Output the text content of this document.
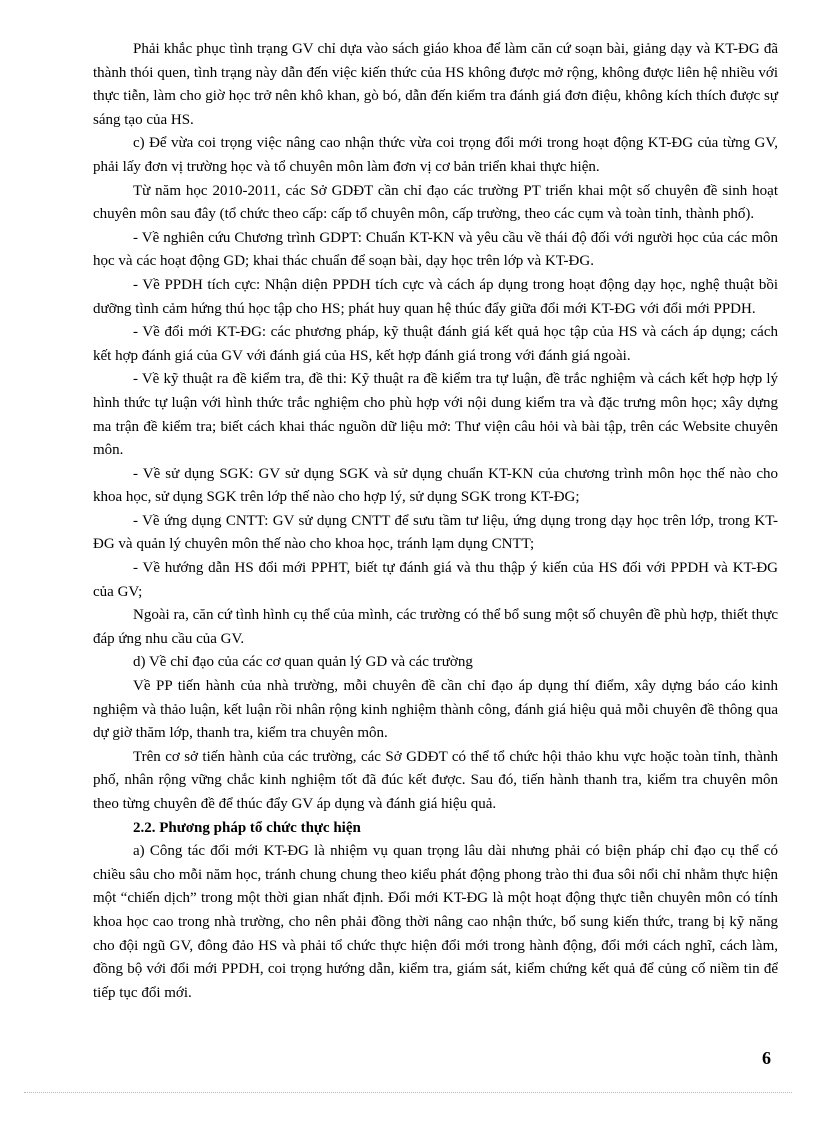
Phải khắc phục tình trạng GV chỉ dựa vào sách giáo khoa để làm căn cứ soạn bài, giảng dạy và KT-ĐG đã thành thói quen, tình trạng này dẫn đến việc kiến thức của HS không được mở rộng, không được liên hệ nhiều với thực tiễn, làm cho giờ học trở nên khô khan, gò bó, dẫn đến kiểm tra đánh giá đơn điệu, không kích thích được sự sáng tạo của HS.

c) Để vừa coi trọng việc nâng cao nhận thức vừa coi trọng đổi mới trong hoạt động KT-ĐG của từng GV, phải lấy đơn vị trường học và tổ chuyên môn làm đơn vị cơ bản triển khai thực hiện.

Từ năm học 2010-2011, các Sở GDĐT cần chỉ đạo các trường PT triển khai một số chuyên đề sinh hoạt chuyên môn sau đây (tổ chức theo cấp: cấp tổ chuyên môn, cấp trường, theo các cụm và toàn tỉnh, thành phố).

- Về nghiên cứu Chương trình GDPT: Chuẩn KT-KN và yêu cầu về thái độ đối với người học của các môn học và các hoạt động GD; khai thác chuẩn để soạn bài, dạy học trên lớp và KT-ĐG.

- Về PPDH tích cực: Nhận diện PPDH tích cực và cách áp dụng trong hoạt động dạy học, nghệ thuật bồi dưỡng tình cảm hứng thú học tập cho HS; phát huy quan hệ thúc đẩy giữa đổi mới KT-ĐG với đổi mới PPDH.

- Về đổi mới KT-ĐG: các phương pháp, kỹ thuật đánh giá kết quả học tập của HS và cách áp dụng; cách kết hợp đánh giá của GV với đánh giá của HS, kết hợp đánh giá trong với đánh giá ngoài.

- Về kỹ thuật ra đề kiểm tra, đề thi: Kỹ thuật ra đề kiểm tra tự luận, đề trắc nghiệm và cách kết hợp hợp lý hình thức tự luận với hình thức trắc nghiệm cho phù hợp với nội dung kiểm tra và đặc trưng môn học; xây dựng ma trận đề kiểm tra; biết cách khai thác nguồn dữ liệu mở: Thư viện câu hỏi và bài tập, trên các Website chuyên môn.

- Về sử dụng SGK: GV sử dụng SGK và sử dụng chuẩn KT-KN của chương trình môn học thế nào cho khoa học, sử dụng SGK trên lớp thế nào cho hợp lý, sử dụng SGK trong KT-ĐG;

- Về ứng dụng CNTT: GV sử dụng CNTT để sưu tầm tư liệu, ứng dụng trong dạy học trên lớp, trong KT-ĐG và quản lý chuyên môn thế nào cho khoa học, tránh lạm dụng CNTT;

- Về hướng dẫn HS đổi mới PPHT, biết tự đánh giá và thu thập ý kiến của HS đối với PPDH và KT-ĐG của GV;

Ngoài ra, căn cứ tình hình cụ thể của mình, các trường có thể bổ sung một số chuyên đề phù hợp, thiết thực đáp ứng nhu cầu của GV.

d) Về chỉ đạo của các cơ quan quản lý GD và các trường

Về PP tiến hành của nhà trường, mỗi chuyên đề cần chỉ đạo áp dụng thí điểm, xây dựng báo cáo kinh nghiệm và thảo luận, kết luận rồi nhân rộng kinh nghiệm thành công, đánh giá hiệu quả mỗi chuyên đề thông qua dự giờ thăm lớp, thanh tra, kiểm tra chuyên môn.

Trên cơ sở tiến hành của các trường, các Sở GDĐT có thể tổ chức hội thảo khu vực hoặc toàn tỉnh, thành phố, nhân rộng vững chắc kinh nghiệm tốt đã đúc kết được. Sau đó, tiến hành thanh tra, kiểm tra chuyên môn theo từng chuyên đề để thúc đẩy GV áp dụng và đánh giá hiệu quả.

2.2. Phương pháp tổ chức thực hiện

a) Công tác đổi mới KT-ĐG là nhiệm vụ quan trọng lâu dài nhưng phải có biện pháp chỉ đạo cụ thể có chiều sâu cho mỗi năm học, tránh chung chung theo kiểu phát động phong trào thi đua sôi nổi chỉ nhằm thực hiện một “chiến dịch” trong một thời gian nhất định. Đổi mới KT-ĐG là một hoạt động thực tiễn chuyên môn có tính khoa học cao trong nhà trường, cho nên phải đồng thời nâng cao nhận thức, bổ sung kiến thức, trang bị kỹ năng cho đội ngũ GV, đông đảo HS và phải tổ chức thực hiện đổi mới trong hành động, đổi mới cách nghĩ, cách làm, đồng bộ với đổi mới PPDH, coi trọng hướng dẫn, kiểm tra, giám sát, kiểm chứng kết quả để củng cố niềm tin để tiếp tục đổi mới.

6
